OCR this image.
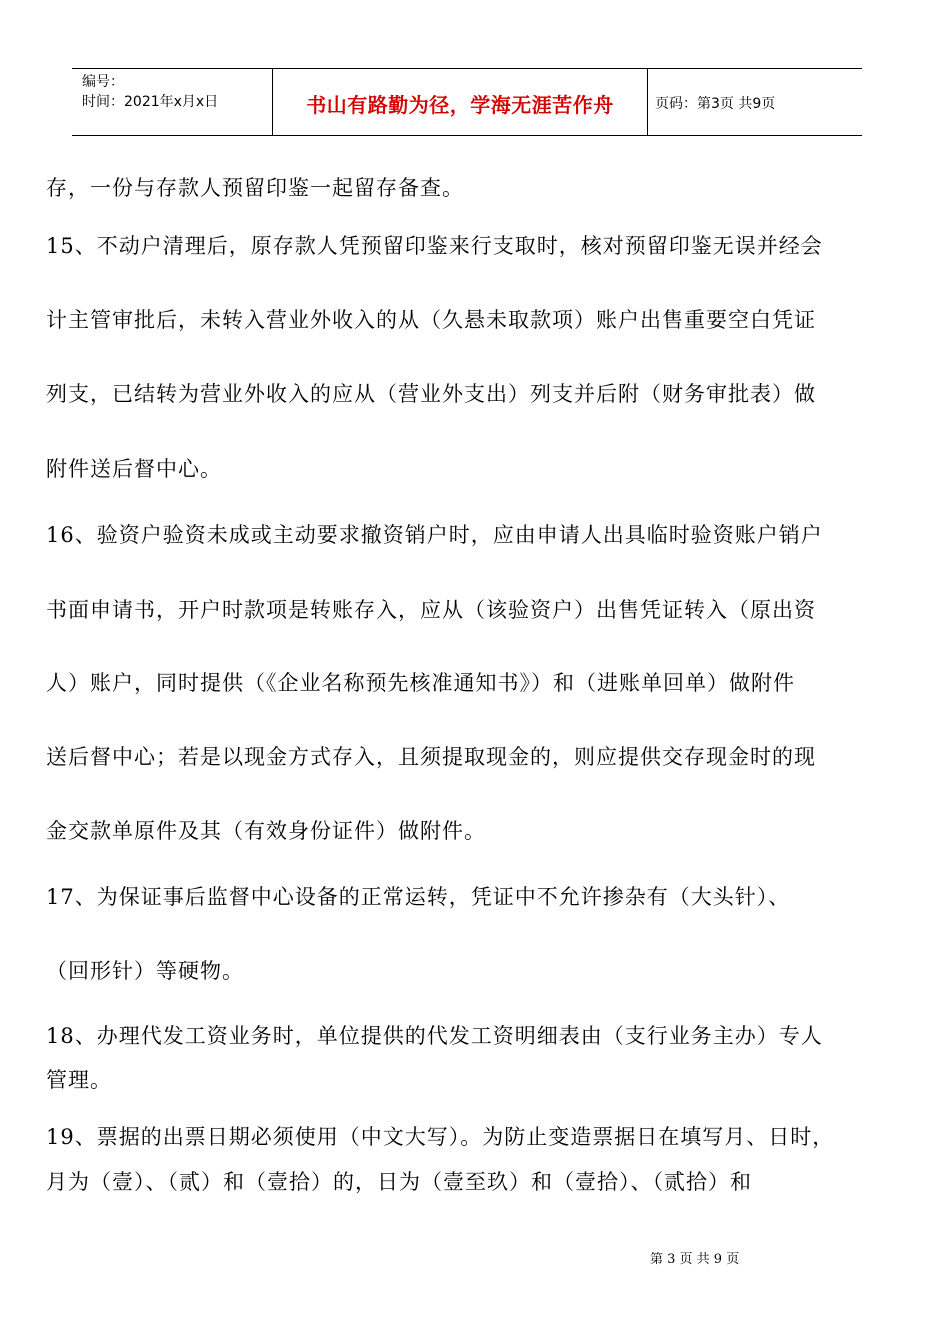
编号：
时间：2021年x月x日	书山有路勤为径，学海无涯苦作舟	页码：第3页 共9页
存，一份与存款人预留印鉴一起留存备查。
15、不动户清理后，原存款人凭预留印鉴来行支取时，核对预留印鉴无误并经会
计主管审批后，未转入营业外收入的从（久悬未取款项）账户出售重要空白凭证
列支，已结转为营业外收入的应从（营业外支出）列支并后附（财务审批表）做
附件送后督中心。
16、验资户验资未成或主动要求撤资销户时，应由申请人出具临时验资账户销户
书面申请书，开户时款项是转账存入，应从（该验资户）出售凭证转入（原出资
人）账户，同时提供（《企业名称预先核准通知书》）和（进账单回单）做附件
送后督中心；若是以现金方式存入，且须提取现金的，则应提供交存现金时的现
金交款单原件及其（有效身份证件）做附件。
17、为保证事后监督中心设备的正常运转，凭证中不允许掺杂有（大头针）、
（回形针）等硬物。
18、办理代发工资业务时，单位提供的代发工资明细表由（支行业务主办）专人
管理。
19、票据的出票日期必须使用（中文大写）。为防止变造票据日在填写月、日时，
月为（壹）、（贰）和（壹拾）的，日为（壹至玖）和（壹拾）、（贰拾）和
第 3 页 共 9 页
